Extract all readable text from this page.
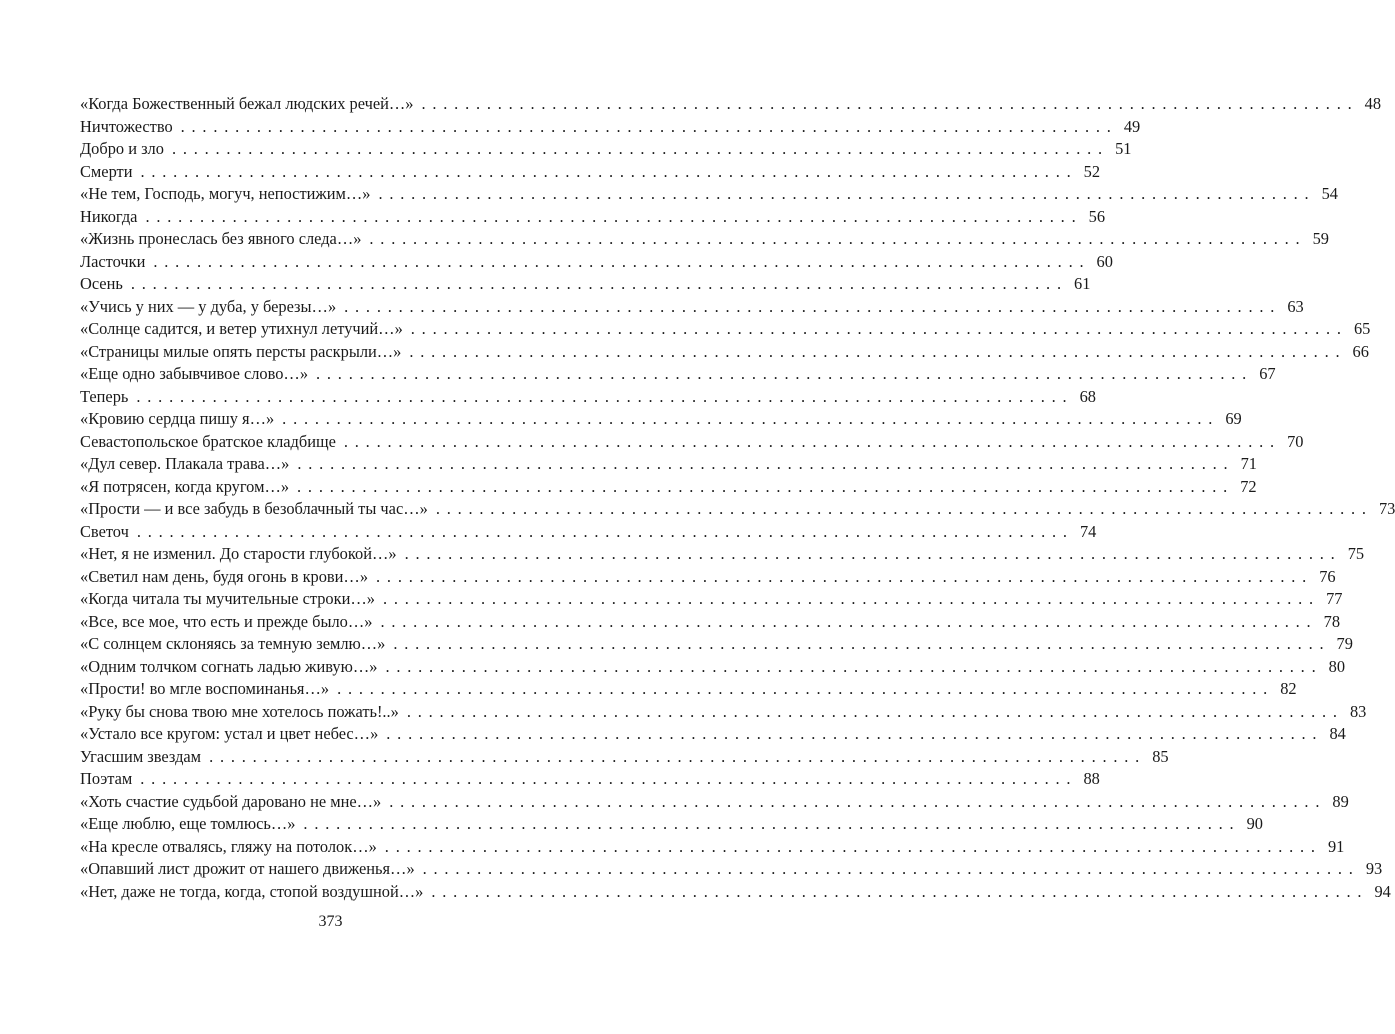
«Когда Божественный бежал людских речей…» . . .	48
Ничтожество . . .	49
Добро и зло . . .	51
Смерти . . .	52
«Не тем, Господь, могуч, непостижим…» . . .	54
Никогда . . .	56
«Жизнь пронеслась без явного следа…» . . .	59
Ласточки . . .	60
Осень . . .	61
«Учись у них — у дуба, у березы…» . . .	63
«Солнце садится, и ветер утихнул летучий…» . . .	65
«Страницы милые опять персты раскрыли…» . . .	66
«Еще одно забывчивое слово…» . . .	67
Теперь . . .	68
«Кровию сердца пишу я…» . . .	69
Севастопольское братское кладбище . . .	70
«Дул север. Плакала трава…» . . .	71
«Я потрясен, когда кругом…» . . .	72
«Прости — и все забудь в безоблачный ты час…» . . .	73
Светоч . . .	74
«Нет, я не изменил. До старости глубокой…» . . .	75
«Светил нам день, будя огонь в крови…» . . .	76
«Когда читала ты мучительные строки…» . . .	77
«Все, все мое, что есть и прежде было…» . . .	78
«С солнцем склоняясь за темную землю…» . . .	79
«Одним толчком согнать ладью живую…» . . .	80
«Прости! во мгле воспоминанья…» . . .	82
«Руку бы снова твою мне хотелось пожать!..» . . .	83
«Устало все кругом: устал и цвет небес…» . . .	84
Угасшим звездам . . .	85
Поэтам . . .	88
«Хоть счастие судьбой даровано не мне…» . . .	89
«Еще люблю, еще томлюсь…» . . .	90
«На кресле отвалясь, гляжу на потолок…» . . .	91
«Опавший лист дрожит от нашего движенья…» . . .	93
«Нет, даже не тогда, когда, стопой воздушной…» . . .	94
373
